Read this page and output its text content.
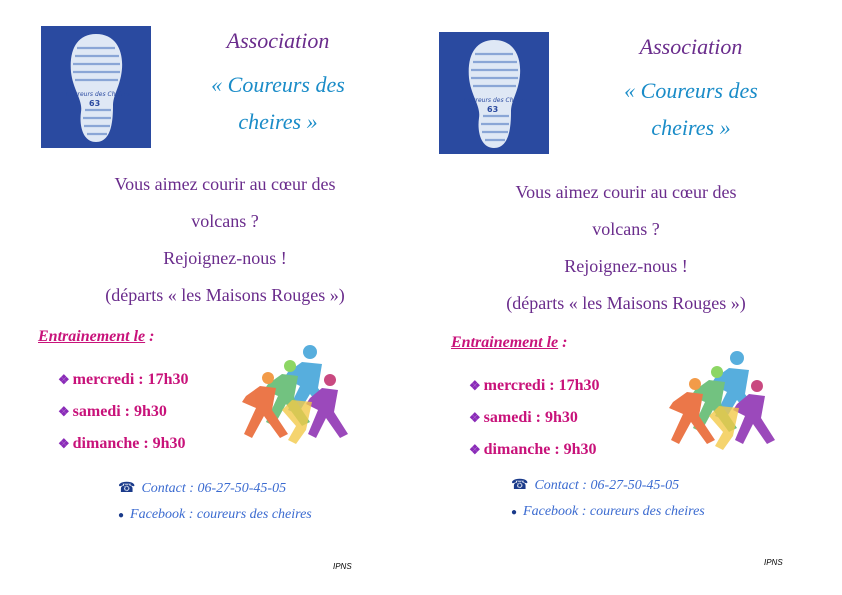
Coureurs des Cheires
63
Association
« Coureurs des
cheires »
Vous aimez courir au cœur des
volcans ?
Rejoignez-nous !
(départs « les Maisons Rouges »)
Entrainement le :
❖ mercredi : 17h30
❖ samedi : 9h30
❖ dimanche : 9h30
☎ Contact : 06-27-50-45-05
● Facebook : coureurs des cheires
IPNS
Coureurs des Cheires
63
Association
« Coureurs des
cheires »
Vous aimez courir au cœur des
volcans ?
Rejoignez-nous !
(départs « les Maisons Rouges »)
Entrainement le :
❖ mercredi : 17h30
❖ samedi : 9h30
❖ dimanche : 9h30
☎ Contact : 06-27-50-45-05
● Facebook : coureurs des cheires
IPNS
